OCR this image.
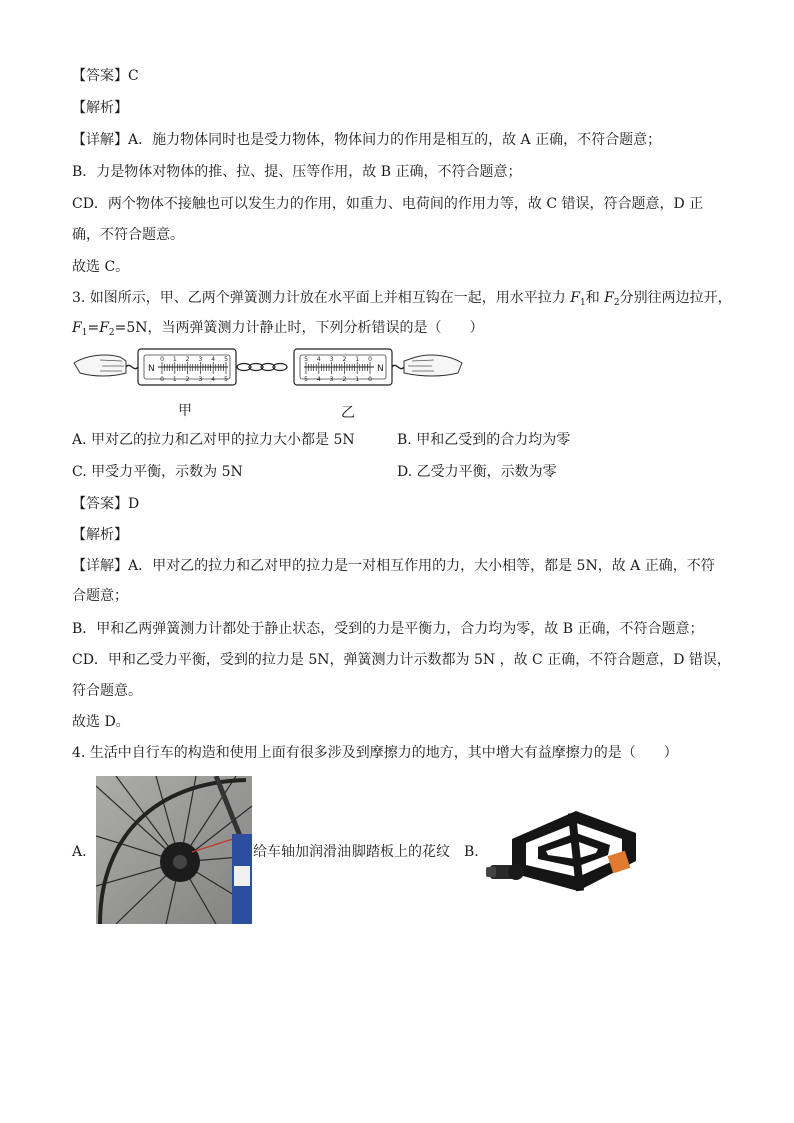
【答案】C
【解析】
【详解】A．施力物体同时也是受力物体，物体间力的作用是相互的，故 A 正确，不符合题意；
B．力是物体对物体的推、拉、提、压等作用，故 B 正确，不符合题意；
CD．两个物体不接触也可以发生力的作用，如重力、电荷间的作用力等，故 C 错误，符合题意，D 正
确，不符合题意。
故选 C。
3. 如图所示，甲、乙两个弹簧测力计放在水平面上并相互钩在一起，用水平拉力 $F_1$和 $F_2$分别往两边拉开，
$F_1=F_2=5N$，当两弹簧测力计静止时，下列分析错误的是（　　）
N
0
0
1
1
2
2
3
3
4
4
5
5
N
5
5
4
4
3
3
2
2
1
1
0
0
甲	乙
A. 甲对乙的拉力和乙对甲的拉力大小都是 5N	B. 甲和乙受到的合力均为零
C. 甲受力平衡，示数为 5N	D. 乙受力平衡，示数为零
【答案】D
【解析】
【详解】A．甲对乙的拉力和乙对甲的拉力是一对相互作用的力，大小相等，都是 5N，故 A 正确，不符
合题意；
B．甲和乙两弹簧测力计都处于静止状态，受到的力是平衡力，合力均为零，故 B 正确，不符合题意；
CD．甲和乙受力平衡，受到的拉力是 5N，弹簧测力计示数都为 5N ，故 C 正确，不符合题意，D 错误，
符合题意。
故选 D。
4. 生活中自行车的构造和使用上面有很多涉及到摩擦力的地方，其中增大有益摩擦力的是（　　）
A.	给车轴加润滑油 脚踏板上的花纹 B.
